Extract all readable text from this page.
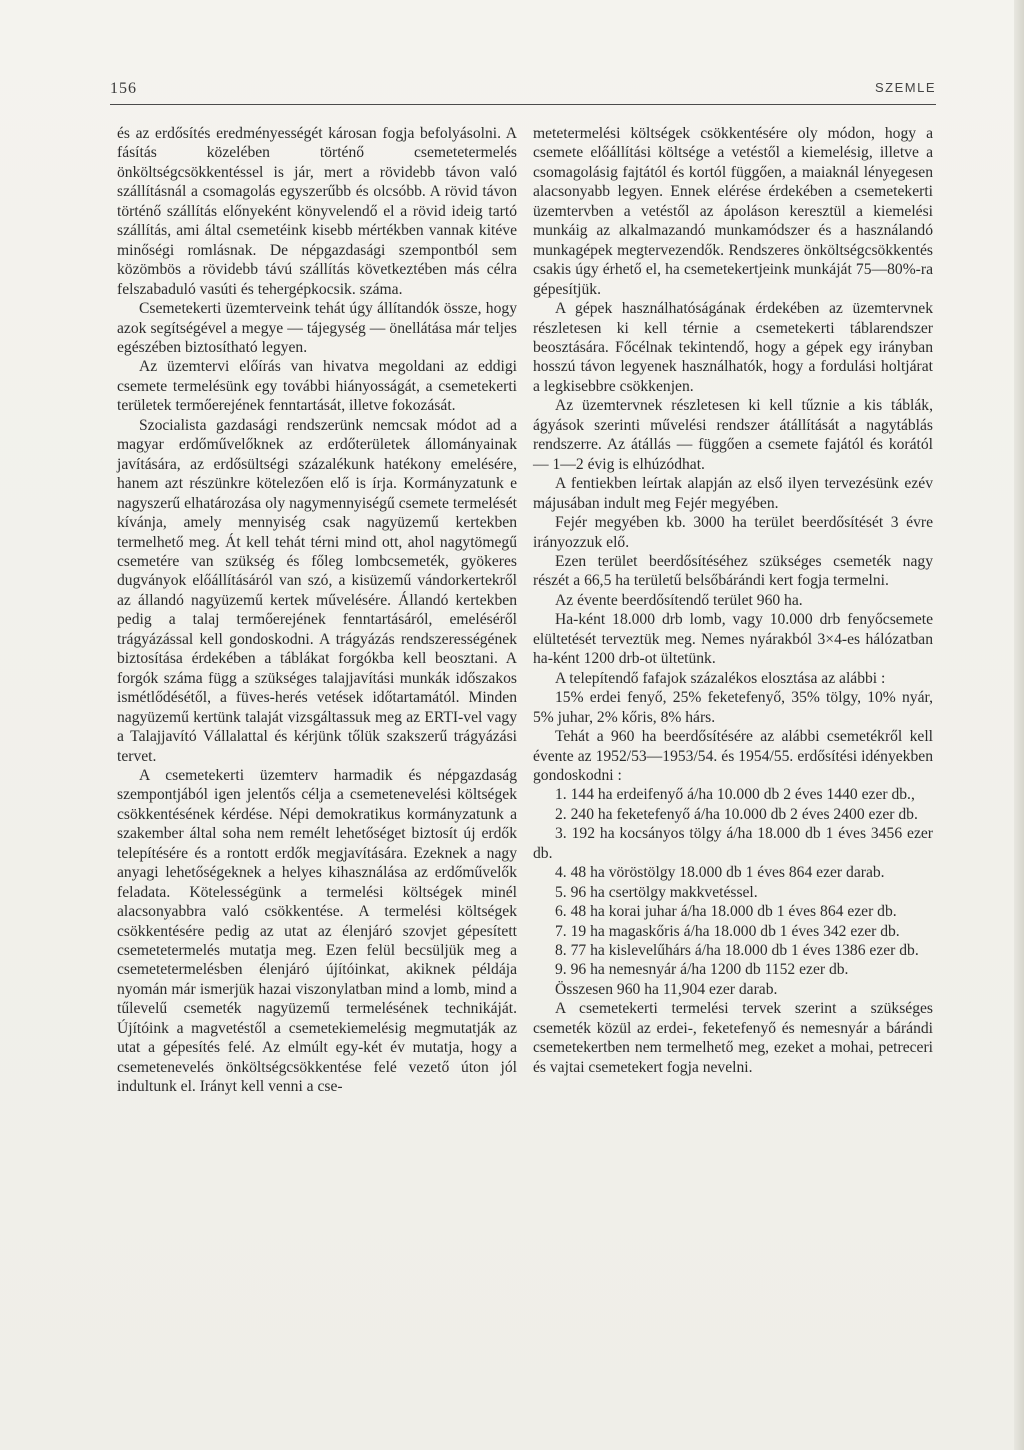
156	SZEMLE

és az erdősítés eredményességét károsan fogja befolyásolni. A fásítás közelében történő csemetetermelés önköltségcsökkentéssel is jár, mert a rövidebb távon való szállításnál a csomagolás egyszerűbb és olcsóbb. A rövid távon történő szállítás előnyeként könyvelendő el a rövid ideig tartó szállítás, ami által csemetéink kisebb mértékben vannak kitéve minőségi romlásnak. De népgazdasági szempontból sem közömbös a rövidebb távú szállítás következtében más célra felszabaduló vasúti és tehergépkocsik. száma.

Csemetekerti üzemterveink tehát úgy állítandók össze, hogy azok segítségével a megye — tájegység — önellátása már teljes egészében biztosítható legyen.

Az üzemtervi előírás van hivatva megoldani az eddigi csemete termelésünk egy további hiányosságát, a csemetekerti területek termőerejének fenntartását, illetve fokozását.

Szocialista gazdasági rendszerünk nemcsak módot ad a magyar erdőművelőknek az erdőterületek állományainak javítására, az erdősültségi százalékunk hatékony emelésére, hanem azt részünkre kötelezően elő is írja. Kormányzatunk e nagyszerű elhatározása oly nagymennyiségű csemete termelését kívánja, amely mennyiség csak nagyüzemű kertekben termelhető meg. Át kell tehát térni mind ott, ahol nagytömegű csemetére van szükség és főleg lombcsemeték, gyökeres dugványok előállításáról van szó, a kisüzemű vándorkertekről az állandó nagyüzemű kertek művelésére. Állandó kertekben pedig a talaj termőerejének fenntartásáról, emeléséről trágyázással kell gondoskodni. A trágyázás rendszerességének biztosítása érdekében a táblákat forgókba kell beosztani. A forgók száma függ a szükséges talajjavítási munkák időszakos ismétlődésétől, a füves-herés vetések időtartamától. Minden nagyüzemű kertünk talaját vizsgáltassuk meg az ERTI-vel vagy a Talajjavító Vállalattal és kérjünk tőlük szakszerű trágyázási tervet.

A csemetekerti üzemterv harmadik és népgazdaság szempontjából igen jelentős célja a csemetenevelési költségek csökkentésének kérdése. Népi demokratikus kormányzatunk a szakember által soha nem remélt lehetőséget biztosít új erdők telepítésére és a rontott erdők megjavítására. Ezeknek a nagy anyagi lehetőségeknek a helyes kihasználása az erdőművelők feladata. Kötelességünk a termelési költségek minél alacsonyabbra való csökkentése. A termelési költségek csökkentésére pedig az utat az élenjáró szovjet gépesített csemetetermelés mutatja meg. Ezen felül becsüljük meg a csemetetermelésben élenjáró újítóinkat, akiknek példája nyomán már ismerjük hazai viszonylatban mind a lomb, mind a tűlevelű csemeték nagyüzemű termelésének technikáját. Újítóink a magvetéstől a csemetekiemelésig megmutatják az utat a gépesítés felé. Az elmúlt egy-két év mutatja, hogy a csemetenevelés önköltségcsökkentése felé vezető úton jól indultunk el. Irányt kell venni a cse-

metetermelési költségek csökkentésére oly módon, hogy a csemete előállítási költsége a vetéstől a kiemelésig, illetve a csomagolásig fajtától és kortól függően, a maiaknál lényegesen alacsonyabb legyen. Ennek elérése érdekében a csemetekerti üzemtervben a vetéstől az ápoláson keresztül a kiemelési munkáig az alkalmazandó munkamódszer és a használandó munkagépek megtervezendők. Rendszeres önköltségcsökkentés csakis úgy érhető el, ha csemetekertjeink munkáját 75—80%-ra gépesítjük.

A gépek használhatóságának érdekében az üzemtervnek részletesen ki kell térnie a csemetekerti táblarendszer beosztására. Főcélnak tekintendő, hogy a gépek egy irányban hosszú távon legyenek használhatók, hogy a fordulási holtjárat a legkisebbre csökkenjen.

Az üzemtervnek részletesen ki kell tűznie a kis táblák, ágyások szerinti művelési rendszer átállítását a nagytáblás rendszerre. Az átállás — függően a csemete fajától és korától — 1—2 évig is elhúzódhat.

A fentiekben leírtak alapján az első ilyen tervezésünk ezév májusában indult meg Fejér megyében.

Fejér megyében kb. 3000 ha terület beerdősítését 3 évre irányozzuk elő.

Ezen terület beerdősítéséhez szükséges csemeték nagy részét a 66,5 ha területű belsőbárándi kert fogja termelni.

Az évente beerdősítendő terület 960 ha.

Ha-ként 18.000 drb lomb, vagy 10.000 drb fenyőcsemete elültetését terveztük meg. Nemes nyárakból 3×4-es hálózatban ha-ként 1200 drb-ot ültetünk.

A telepítendő fafajok százalékos elosztása az alábbi :

15% erdei fenyő, 25% feketefenyő, 35% tölgy, 10% nyár, 5% juhar, 2% kőris, 8% hárs.

Tehát a 960 ha beerdősítésére az alábbi csemetékről kell évente az 1952/53—1953/54. és 1954/55. erdősítési idényekben gondoskodni :

1. 144 ha erdeifenyő á/ha 10.000 db 2 éves 1440 ezer db.,

2. 240 ha feketefenyő á/ha 10.000 db 2 éves 2400 ezer db.

3. 192 ha kocsányos tölgy á/ha 18.000 db 1 éves 3456 ezer db.

4. 48 ha vöröstölgy 18.000 db 1 éves 864 ezer darab.

5. 96 ha csertölgy makkvetéssel.

6. 48 ha korai juhar á/ha 18.000 db 1 éves 864 ezer db.

7. 19 ha magaskőris á/ha 18.000 db 1 éves 342 ezer db.

8. 77 ha kislevelűhárs á/ha 18.000 db 1 éves 1386 ezer db.

9. 96 ha nemesnyár á/ha 1200 db 1152 ezer db.

Összesen 960 ha 11,904 ezer darab.

A csemetekerti termelési tervek szerint a szükséges csemeték közül az erdei-, feketefenyő és nemesnyár a bárándi csemetekertben nem termelhető meg, ezeket a mohai, petreceri és vajtai csemetekert fogja nevelni.
